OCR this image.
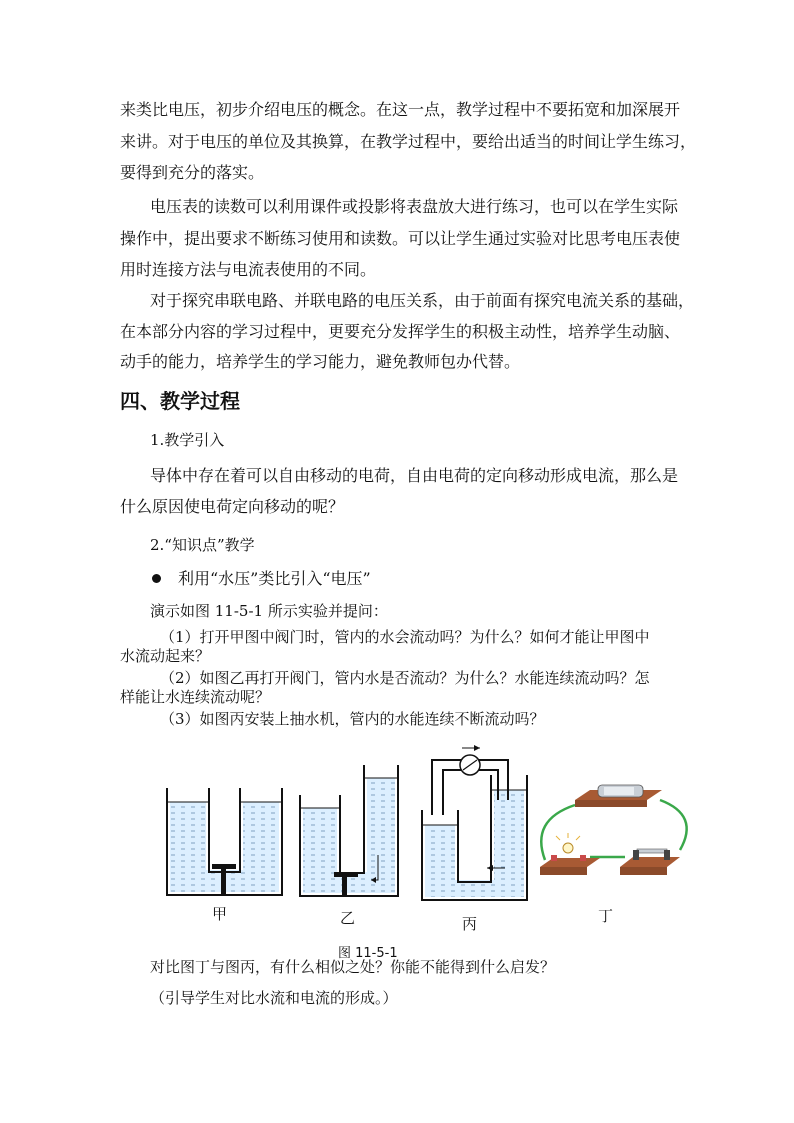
来类比电压，初步介绍电压的概念。在这一点，教学过程中不要拓宽和加深展开
来讲。对于电压的单位及其换算，在教学过程中，要给出适当的时间让学生练习，
要得到充分的落实。
电压表的读数可以利用课件或投影将表盘放大进行练习，也可以在学生实际
操作中，提出要求不断练习使用和读数。可以让学生通过实验对比思考电压表使
用时连接方法与电流表使用的不同。
对于探究串联电路、并联电路的电压关系，由于前面有探究电流关系的基础，
在本部分内容的学习过程中，更要充分发挥学生的积极主动性，培养学生动脑、
动手的能力，培养学生的学习能力，避免教师包办代替。
四、教学过程
1.教学引入
导体中存在着可以自由移动的电荷，自由电荷的定向移动形成电流，那么是
什么原因使电荷定向移动的呢？
2.“知识点”教学
利用“水压”类比引入“电压”
演示如图 11-5-1 所示实验并提问：
（1）打开甲图中阀门时，管内的水会流动吗？为什么？如何才能让甲图中
水流动起来？
（2）如图乙再打开阀门，管内水是否流动？为什么？水能连续流动吗？怎
样能让水连续流动呢？
（3）如图丙安装上抽水机，管内的水能连续不断流动吗？
甲	乙	丙	丁
图 11-5-1
对比图丁与图丙，有什么相似之处？你能不能得到什么启发？
（引导学生对比水流和电流的形成。）
